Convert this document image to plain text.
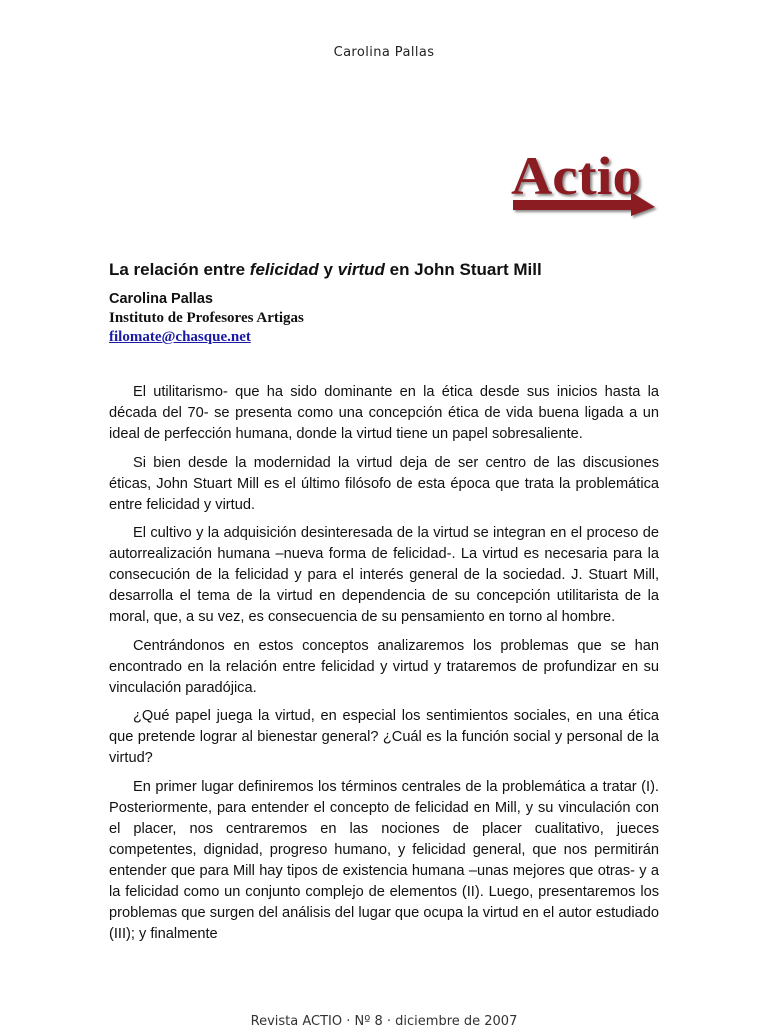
Carolina Pallas
Actio
La relación entre felicidad y virtud en John Stuart Mill
Carolina Pallas
Instituto de Profesores Artigas
filomate@chasque.net

El utilitarismo- que ha sido dominante en la ética desde sus inicios hasta la década del 70- se presenta como una concepción ética de vida buena ligada a un ideal de perfección humana, donde la virtud tiene un papel sobresaliente.

Si bien desde la modernidad la virtud deja de ser centro de las discusiones éticas, John Stuart Mill es el último filósofo de esta época que trata la problemática entre felicidad y virtud.

El cultivo y la adquisición desinteresada de la virtud se integran en el proceso de autorrealización humana –nueva forma de felicidad-. La virtud es necesaria para la consecución de la felicidad y para el interés general de la sociedad. J. Stuart Mill, desarrolla el tema de la virtud en dependencia de su concepción utilitarista de la moral, que, a su vez, es consecuencia de su pensamiento en torno al hombre.

Centrándonos en estos conceptos analizaremos los problemas que se han encontrado en la relación entre felicidad y virtud y trataremos de profundizar en su vinculación paradójica.

¿Qué papel juega la virtud, en especial los sentimientos sociales, en una ética que pretende lograr al bienestar general? ¿Cuál es la función social y personal de la virtud?

En primer lugar definiremos los términos centrales de la problemática a tratar (I). Posteriormente, para entender el concepto de felicidad en Mill, y su vinculación con el placer, nos centraremos en las nociones de placer cualitativo, jueces competentes, dignidad, progreso humano, y felicidad general, que nos permitirán entender que para Mill hay tipos de existencia humana –unas mejores que otras- y a la felicidad como un conjunto complejo de elementos (II). Luego, presentaremos los problemas que surgen del análisis del lugar que ocupa la virtud en el autor estudiado (III); y finalmente

Revista ACTIO · Nº 8 · diciembre de 2007
